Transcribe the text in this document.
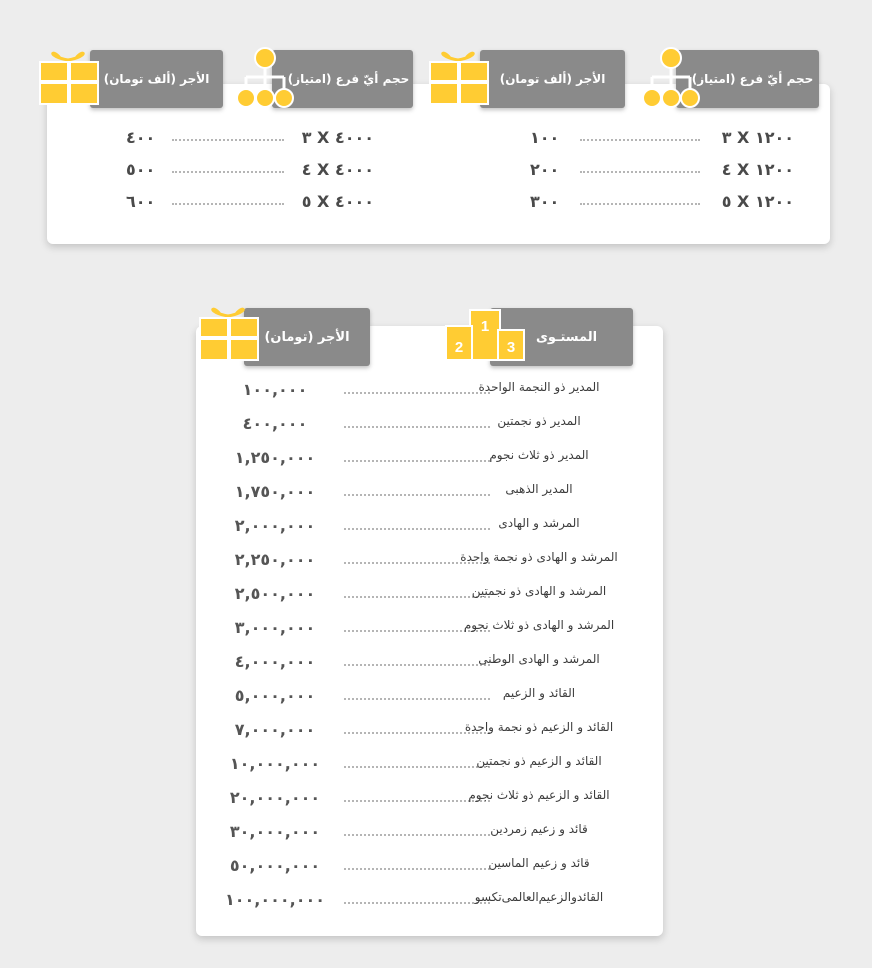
حجم أيّ فرع (امتياز)
الأجر (ألف تومان)
حجم أيّ فرع (امتياز)
الأجر (ألف تومان)
١٠٠	٣ X ١٢٠٠
٢٠٠	٤ X ١٢٠٠
٣٠٠	٥ X ١٢٠٠
٤٠٠	٣ X ٤٠٠٠
٥٠٠	٤ X ٤٠٠٠
٦٠٠	٥ X ٤٠٠٠
١٠٠,٠٠٠	المدير ذو النجمة الواحدة
٤٠٠,٠٠٠	المدير ذو نجمتين
١,٢٥٠,٠٠٠	المدير ذو ثلاث نجوم
١,٧٥٠,٠٠٠	المدير الذهبى
٢,٠٠٠,٠٠٠	المرشد و الهادى
٢,٢٥٠,٠٠٠	المرشد و الهادى ذو نجمة واحدة
٢,٥٠٠,٠٠٠	المرشد و الهادى ذو نجمتين
٣,٠٠٠,٠٠٠	المرشد و الهادى ذو ثلاث نجوم
٤,٠٠٠,٠٠٠	المرشد و الهادى الوطنى
٥,٠٠٠,٠٠٠	القائد و الزعيم
٧,٠٠٠,٠٠٠	القائد و الزعيم ذو نجمة واحدة
١٠,٠٠٠,٠٠٠	القائد و الزعيم ذو نجمتين
٢٠,٠٠٠,٠٠٠	القائد و الزعيم ذو ثلاث نجوم
٣٠,٠٠٠,٠٠٠	قائد و زعيم زمردين
٥٠,٠٠٠,٠٠٠	قائد و زعيم الماسين
١٠٠,٠٠٠,٠٠٠	القائدوالزعيم‌العالمى‌تكسو
المستـوى
1
2	3
الأجر (تومان)
